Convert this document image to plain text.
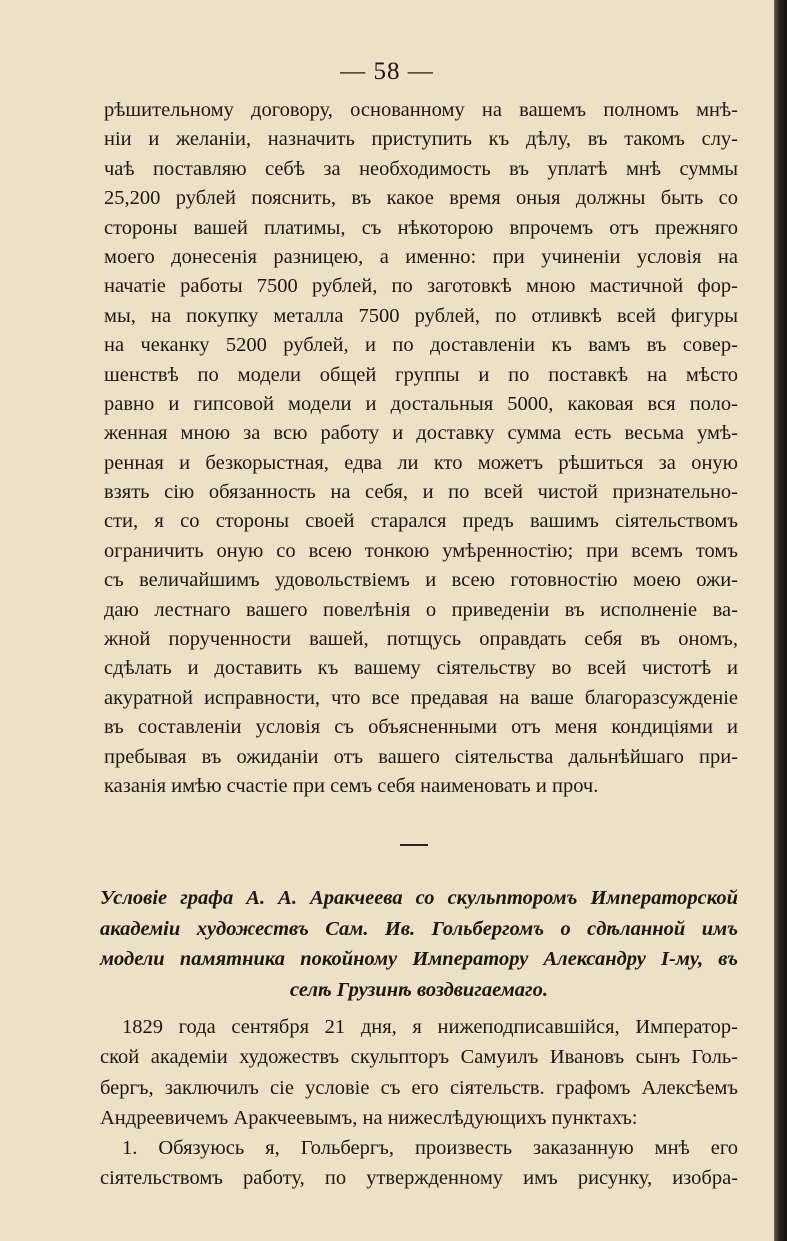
— 58 —
рѣшительному договору, основанному на вашемъ полномъ мнѣ-
нiи и желанiи, назначить приступить къ дѣлу, въ такомъ слу-
чаѣ поставляю себѣ за необходимость въ уплатѣ мнѣ суммы
25,200 рублей пояснить, въ какое время оныя должны быть со
стороны вашей платимы, съ нѣкоторою впрочемъ отъ прежняго
моего донесенiя разницею, а именно: при учиненiи условiя на
начатiе работы 7500 рублей, по заготовкѣ мною мастичной фор-
мы, на покупку металла 7500 рублей, по отливкѣ всей фигуры
на чеканку 5200 рублей, и по доставленiи къ вамъ въ совер-
шенствѣ по модели общей группы и по поставкѣ на мѣсто
равно и гипсовой модели и достальныя 5000, каковая вся поло-
женная мною за всю работу и доставку сумма есть весьма умѣ-
ренная и безкорыстная, едва ли кто можетъ рѣшиться за оную
взять сiю обязанность на себя, и по всей чистой признательно-
сти, я со стороны своей старался предъ вашимъ сiятельствомъ
ограничить оную со всею тонкою умѣренностiю; при всемъ томъ
съ величайшимъ удовольствiемъ и всею готовностiю моею ожи-
даю лестнаго вашего повелѣнiя о приведенiи въ исполненiе ва-
жной порученности вашей, потщусь оправдать себя въ ономъ,
сдѣлать и доставить къ вашему сiятельству во всей чистотѣ и
акуратной исправности, что все предавая на ваше благоразсужденiе
въ составленiи условiя съ объясненными отъ меня кондицiями и
пребывая въ ожиданiи отъ вашего сiятельства дальнѣйшаго при-
казанiя имѣю счастiе при семъ себя наименовать и проч.
Условiе графа А. А. Аракчеева со скульпторомъ Императорской
академiи художествъ Сам. Ив. Гольбергомъ о сдѣланной имъ
модели памятника покойному Императору Александру I-му, въ
селѣ Грузинѣ воздвигаемаго.
1829 года сентября 21 дня, я нижеподписавшiйся, Император-
ской академiи художествъ скульпторъ Самуилъ Ивановъ сынъ Голь-
бергъ, заключилъ сiе условiе съ его сiятельств. графомъ Алексѣемъ
Андреевичемъ Аракчеевымъ, на нижеслѣдующихъ пунктахъ:
1. Обязуюсь я, Гольбергъ, произвесть заказанную мнѣ его
сiятельствомъ работу, по утвержденному имъ рисунку, изобра-
